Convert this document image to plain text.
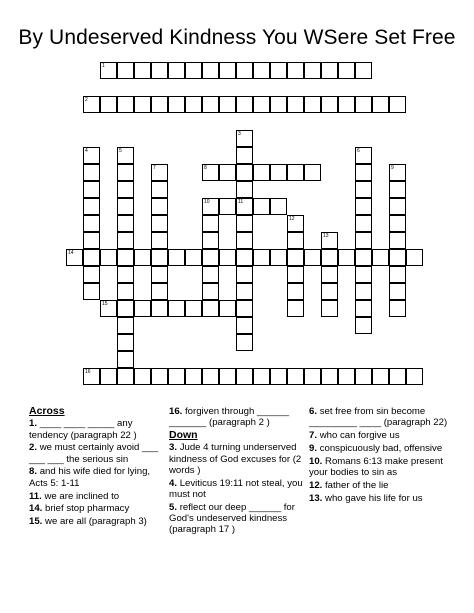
By Undeserved Kindness You WSere Set Free
1
2
8
10	11
14
15
16
3
4	5	6
7	9
12
13
Across
1. ____ ____ _____ any tendency (paragraph 22 )
2. we must certainly avoid ___ ___ ___ the serious sin
8. and his wife died for lying, Acts 5: 1-11
11. we are inclined to
14. brief stop pharmacy
15. we are all (paragraph 3)
16. forgiven through ______ _______ (paragraph 2 )
Down
3. Jude 4 turning underserved kindness of God excuses for (2 words )
4. Leviticus 19:11 not steal, you must not
5. reflect our deep ______ for God's undeserved kindness (paragraph 17 )
6. set free from sin become _________ ____ (paragraph 22)
7. who can forgive us
9. conspicuously bad, offensive
10. Romans 6:13 make present your bodies to sin as
12. father of the lie
13. who gave his life for us
